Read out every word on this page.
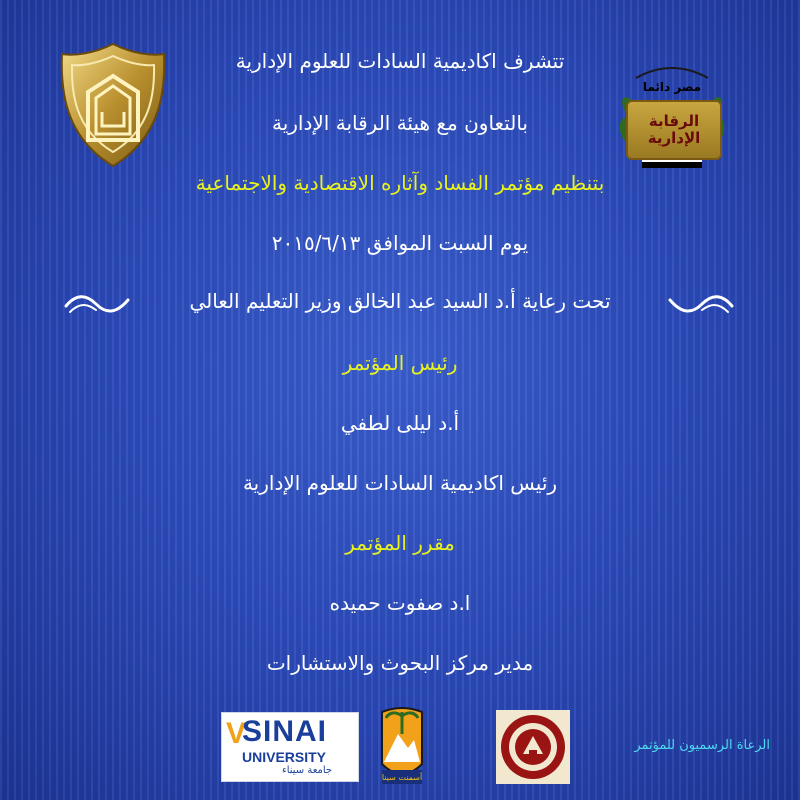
مصر دائما
الرقابة الإدارية
تتشرف اكاديمية السادات للعلوم الإدارية
بالتعاون مع هيئة الرقابة الإدارية
بتنظيم مؤتمر الفساد وآثاره الاقتصادية والاجتماعية
يوم السبت الموافق ٢٠١٥/٦/١٣
تحت رعاية أ.د السيد عبد الخالق وزير التعليم العالي
رئيس المؤتمر
أ.د ليلى لطفي
رئيس اكاديمية السادات للعلوم الإدارية
مقرر المؤتمر
ا.د صفوت حميده
مدير مركز البحوث والاستشارات
V
SINAI
UNIVERSITY
جامعة سيناء
أسمنت سينا
الرعاة الرسميون للمؤتمر
